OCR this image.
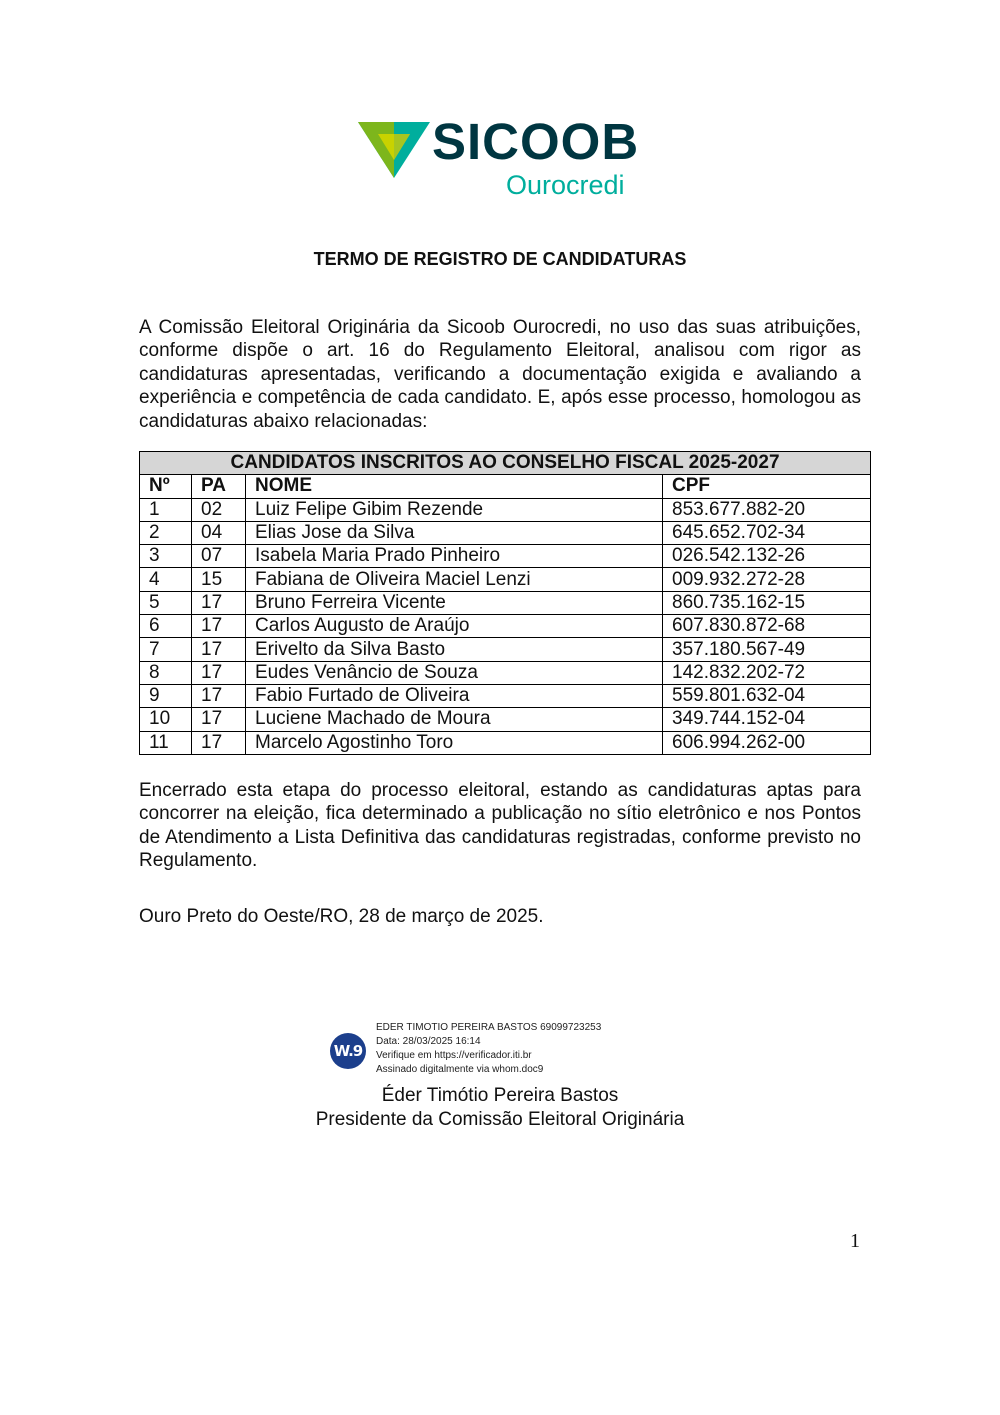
SICOOB
Ourocredi
TERMO DE REGISTRO DE CANDIDATURAS

A Comissão Eleitoral Originária da Sicoob Ourocredi, no uso das suas atribuições, conforme dispõe o art. 16 do Regulamento Eleitoral, analisou com rigor as candidaturas apresentadas, verificando a documentação exigida e avaliando a experiência e competência de cada candidato. E, após esse processo, homologou as candidaturas abaixo relacionadas:

CANDIDATOS INSCRITOS AO CONSELHO FISCAL 2025-2027			
Nº	PA	NOME	CPF
1	02	Luiz Felipe Gibim Rezende	853.677.882-20
2	04	Elias Jose da Silva	645.652.702-34
3	07	Isabela Maria Prado Pinheiro	026.542.132-26
4	15	Fabiana de Oliveira Maciel Lenzi	009.932.272-28
5	17	Bruno Ferreira Vicente	860.735.162-15
6	17	Carlos Augusto de Araújo	607.830.872-68
7	17	Erivelto da Silva Basto	357.180.567-49
8	17	Eudes Venâncio de Souza	142.832.202-72
9	17	Fabio Furtado de Oliveira	559.801.632-04
10	17	Luciene Machado de Moura	349.744.152-04
11	17	Marcelo Agostinho Toro	606.994.262-00

Encerrado esta etapa do processo eleitoral, estando as candidaturas aptas para concorrer na eleição, fica determinado a publicação no sítio eletrônico e nos Pontos de Atendimento a Lista Definitiva das candidaturas registradas, conforme previsto no Regulamento.

Ouro Preto do Oeste/RO, 28 de março de 2025.

W.9
EDER TIMOTIO PEREIRA BASTOS 69099723253
Data: 28/03/2025 16:14
Verifique em https://verificador.iti.br
Assinado digitalmente via whom.doc9
Éder Timótio Pereira Bastos
Presidente da Comissão Eleitoral Originária
1
